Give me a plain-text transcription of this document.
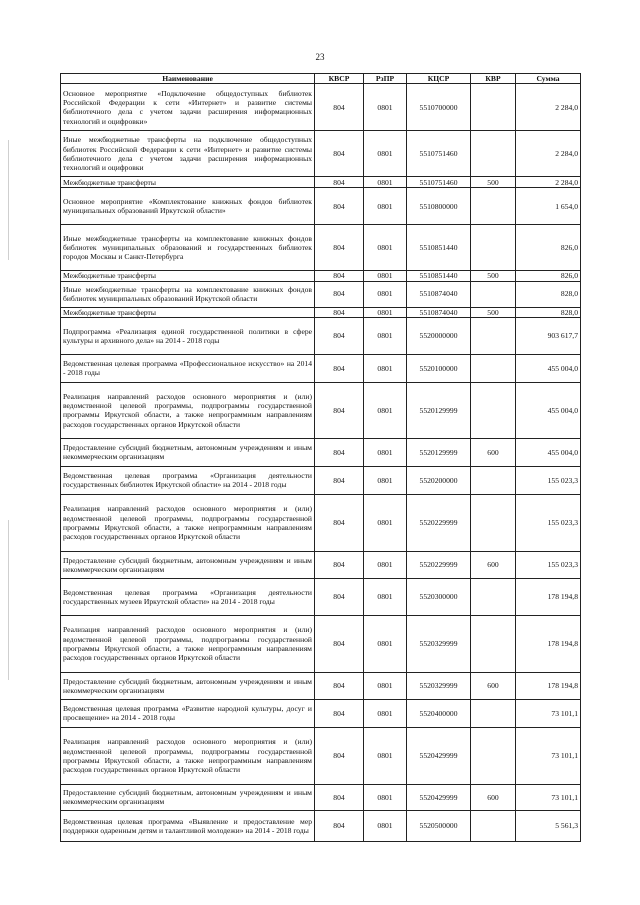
23
Наименование	КВСР	РзПР	КЦСР	КВР	Сумма
Основное мероприятие «Подключение общедоступных библиотек Российской Федерации к сети «Интернет» и развитие системы библиотечного дела с учетом задачи расширения информационных технологий и оцифровки»	804	0801	5510700000		2 284,0
Иные межбюджетные трансферты на подключение общедоступных библиотек Российской Федерации к сети «Интернет» и развитие системы библиотечного дела с учетом задачи расширения информационных технологий и оцифровки	804	0801	5510751460		2 284,0
Межбюджетные трансферты	804	0801	5510751460	500	2 284,0
Основное мероприятие «Комплектование книжных фондов библиотек муниципальных образований Иркутской области»	804	0801	5510800000		1 654,0
Иные межбюджетные трансферты на комплектование книжных фондов библиотек муниципальных образований и государственных библиотек городов Москвы и Санкт-Петербурга	804	0801	5510851440		826,0
Межбюджетные трансферты	804	0801	5510851440	500	826,0
Иные межбюджетные трансферты на комплектование книжных фондов библиотек муниципальных образований Иркутской области	804	0801	5510874040		828,0
Межбюджетные трансферты	804	0801	5510874040	500	828,0
Подпрограмма «Реализация единой государственной политики в сфере культуры и архивного дела» на 2014 - 2018 годы	804	0801	5520000000		903 617,7
Ведомственная целевая программа «Профессиональное искусство» на 2014 - 2018 годы	804	0801	5520100000		455 004,0
Реализация направлений расходов основного мероприятия и (или) ведомственной целевой программы, подпрограммы государственной программы Иркутской области, а также непрограммным направлениям расходов государственных органов Иркутской области	804	0801	5520129999		455 004,0
Предоставление субсидий бюджетным, автономным учреждениям и иным некоммерческим организациям	804	0801	5520129999	600	455 004,0
Ведомственная целевая программа «Организация деятельности государственных библиотек Иркутской области» на 2014 - 2018 годы	804	0801	5520200000		155 023,3
Реализация направлений расходов основного мероприятия и (или) ведомственной целевой программы, подпрограммы государственной программы Иркутской области, а также непрограммным направлениям расходов государственных органов Иркутской области	804	0801	5520229999		155 023,3
Предоставление субсидий бюджетным, автономным учреждениям и иным некоммерческим организациям	804	0801	5520229999	600	155 023,3
Ведомственная целевая программа «Организация деятельности государственных музеев Иркутской области» на 2014 - 2018 годы	804	0801	5520300000		178 194,8
Реализация направлений расходов основного мероприятия и (или) ведомственной целевой программы, подпрограммы государственной программы Иркутской области, а также непрограммным направлениям расходов государственных органов Иркутской области	804	0801	5520329999		178 194,8
Предоставление субсидий бюджетным, автономным учреждениям и иным некоммерческим организациям	804	0801	5520329999	600	178 194,8
Ведомственная целевая программа «Развитие народной культуры, досуг и просвещение» на 2014 - 2018 годы	804	0801	5520400000		73 101,1
Реализация направлений расходов основного мероприятия и (или) ведомственной целевой программы, подпрограммы государственной программы Иркутской области, а также непрограммным направлениям расходов государственных органов Иркутской области	804	0801	5520429999		73 101,1
Предоставление субсидий бюджетным, автономным учреждениям и иным некоммерческим организациям	804	0801	5520429999	600	73 101,1
Ведомственная целевая программа «Выявление и предоставление мер поддержки одаренным детям и талантливой молодежи» на 2014 - 2018 годы	804	0801	5520500000		5 561,3
